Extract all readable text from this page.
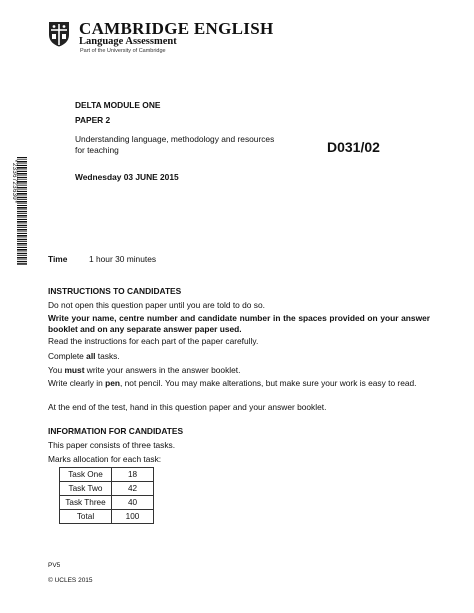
CAMBRIDGE ENGLISH
Language Assessment
Part of the University of Cambridge
DELTA MODULE ONE
PAPER 2
Understanding language, methodology and resources
for teaching	D031/02
Wednesday 03 JUNE 2015
*2336723630*
Time	1 hour 30 minutes
INSTRUCTIONS TO CANDIDATES
Do not open this question paper until you are told to do so.
Write your name, centre number and candidate number in the spaces provided on your answer booklet and on any separate answer paper used.
Read the instructions for each part of the paper carefully.
Complete all tasks.
You must write your answers in the answer booklet.
Write clearly in pen, not pencil. You may make alterations, but make sure your work is easy to read.
At the end of the test, hand in this question paper and your answer booklet.
INFORMATION FOR CANDIDATES
This paper consists of three tasks.
Marks allocation for each task:
Task One	18
Task Two	42
Task Three	40
Total	100
PV5
© UCLES 2015
